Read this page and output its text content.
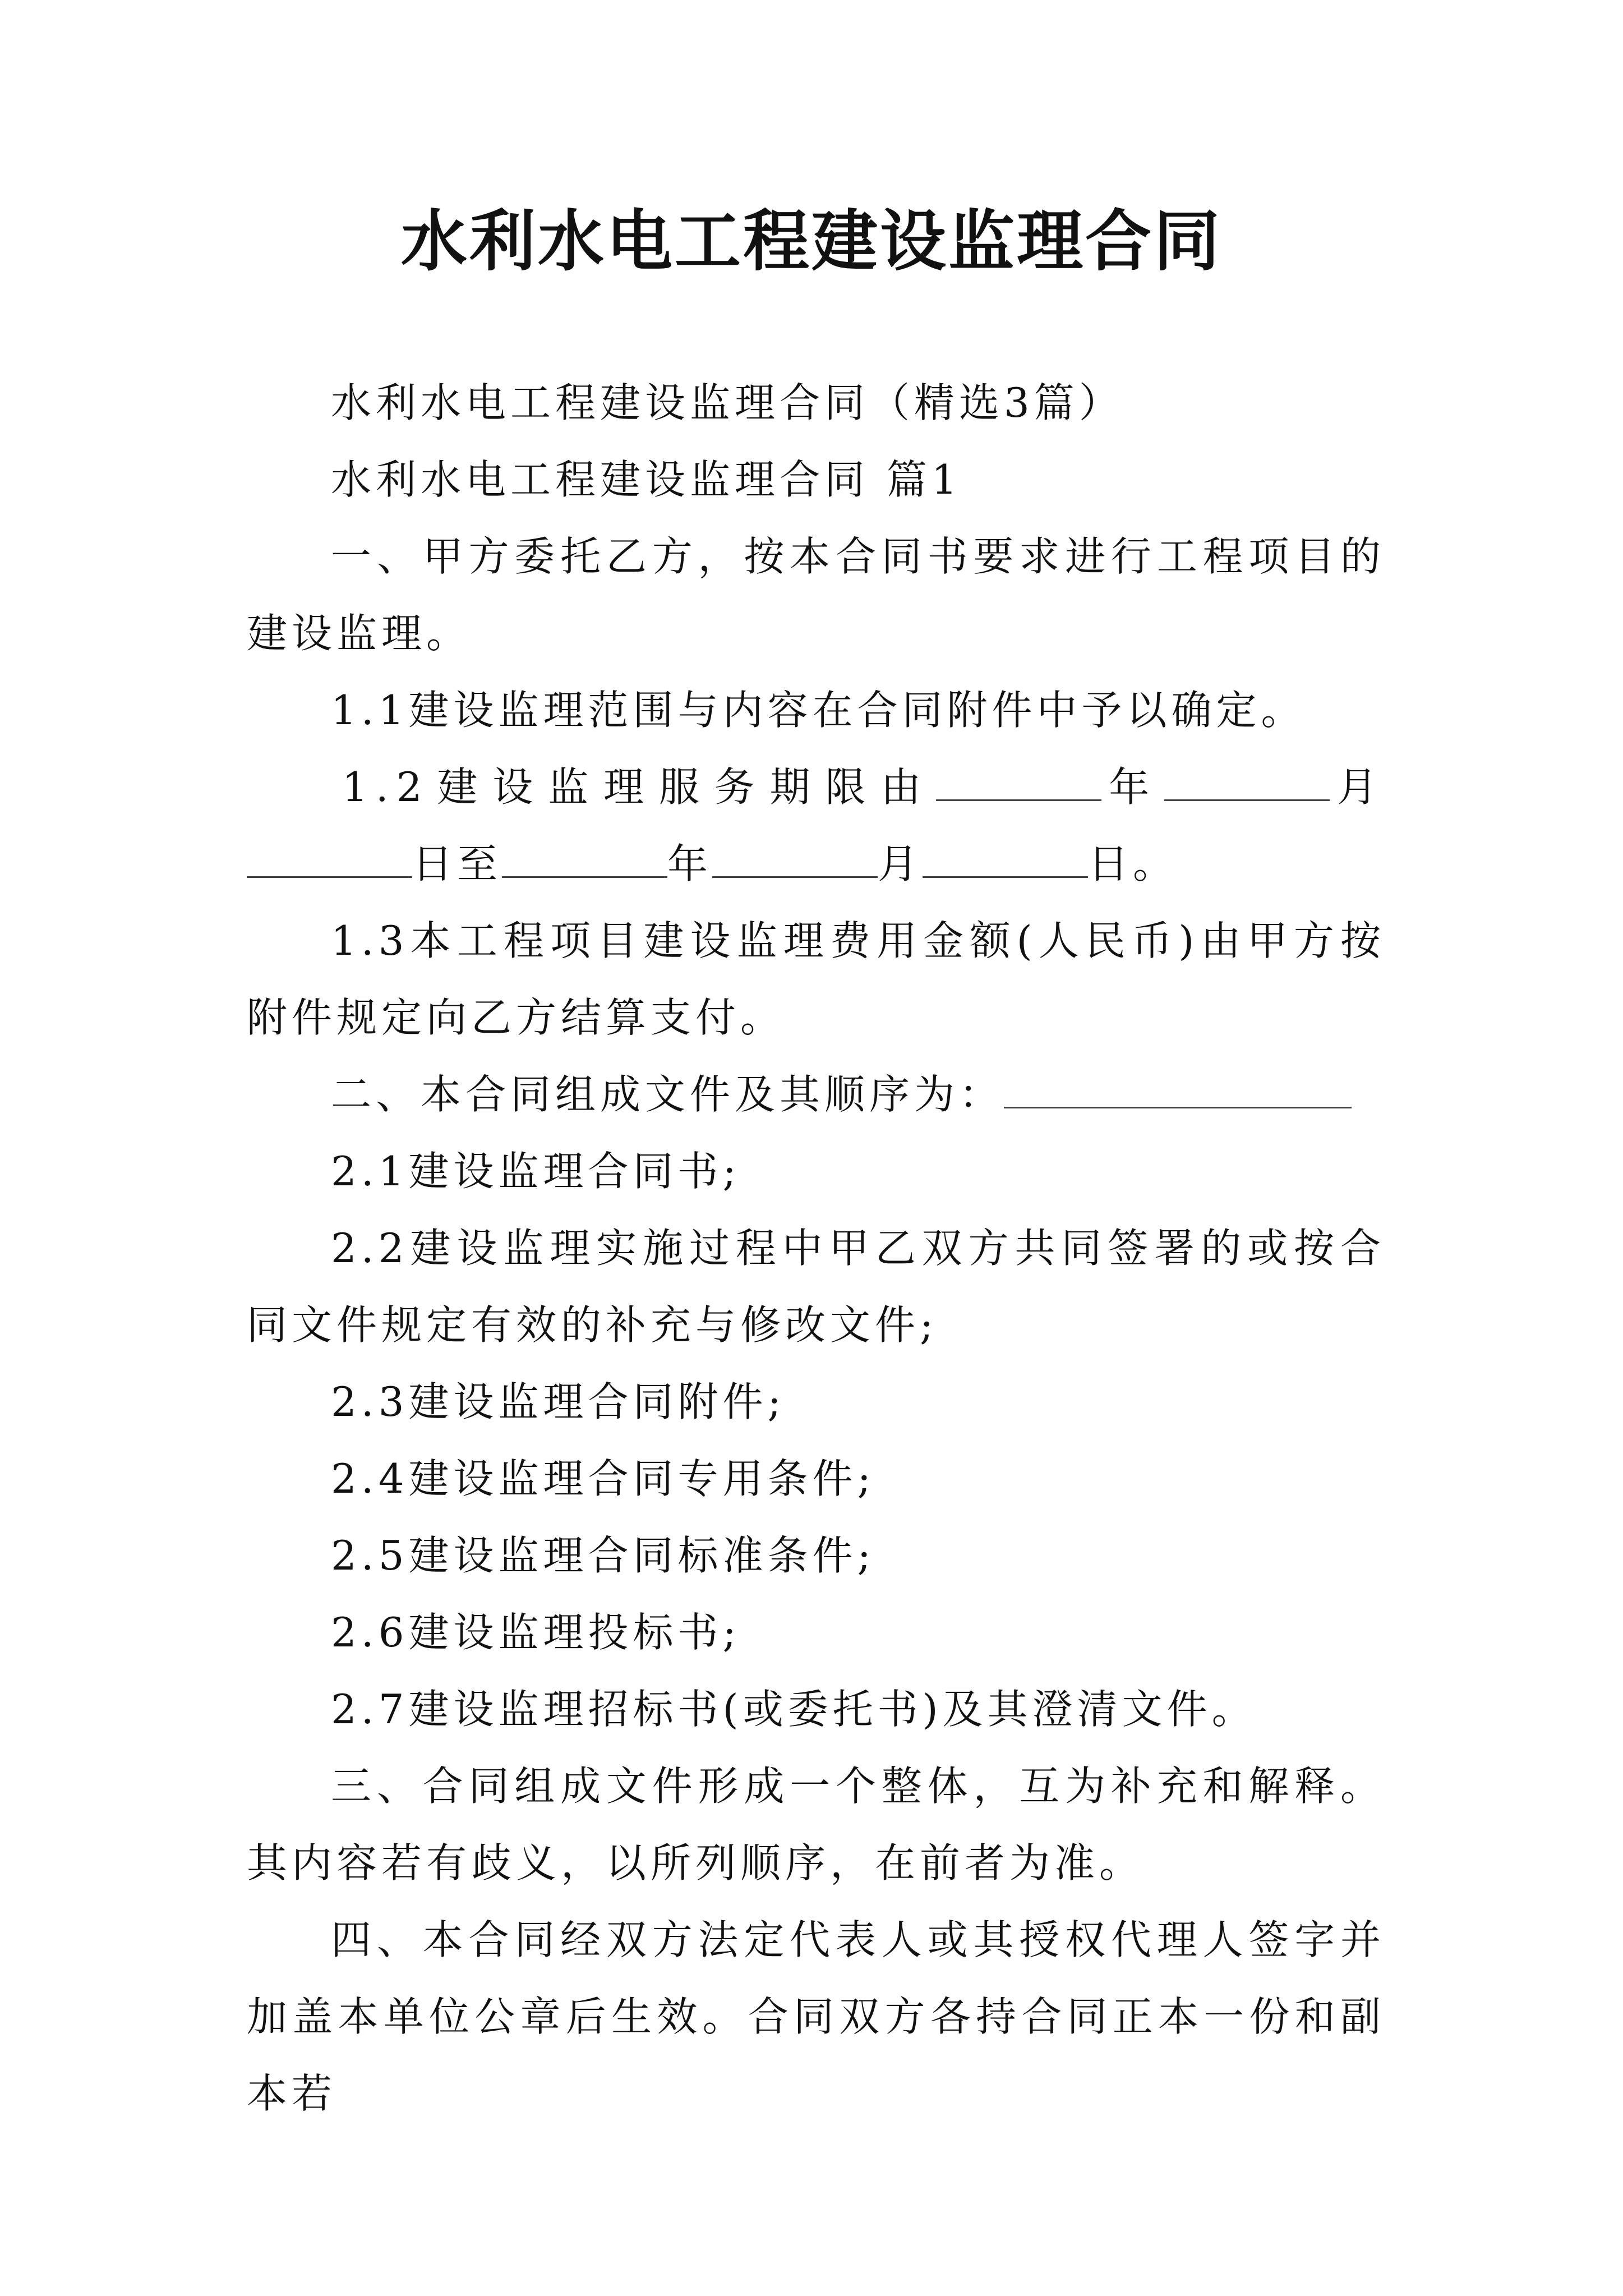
水利水电工程建设监理合同

水利水电工程建设监理合同（精选3篇）

水利水电工程建设监理合同 篇1

一、甲方委托乙方，按本合同书要求进行工程项目的建设监理。

1.1建设监理范围与内容在合同附件中予以确定。

1.2建设监理服务期限由	年	月
日至	年	月	日。

1.3本工程项目建设监理费用金额(人民币)由甲方按附件规定向乙方结算支付。

二、本合同组成文件及其顺序为：

2.1建设监理合同书;

2.2建设监理实施过程中甲乙双方共同签署的或按合同文件规定有效的补充与修改文件;

2.3建设监理合同附件;

2.4建设监理合同专用条件;

2.5建设监理合同标准条件;

2.6建设监理投标书;

2.7建设监理招标书(或委托书)及其澄清文件。

三、合同组成文件形成一个整体，互为补充和解释。其内容若有歧义，以所列顺序，在前者为准。

四、本合同经双方法定代表人或其授权代理人签字并加盖本单位公章后生效。合同双方各持合同正本一份和副本若
